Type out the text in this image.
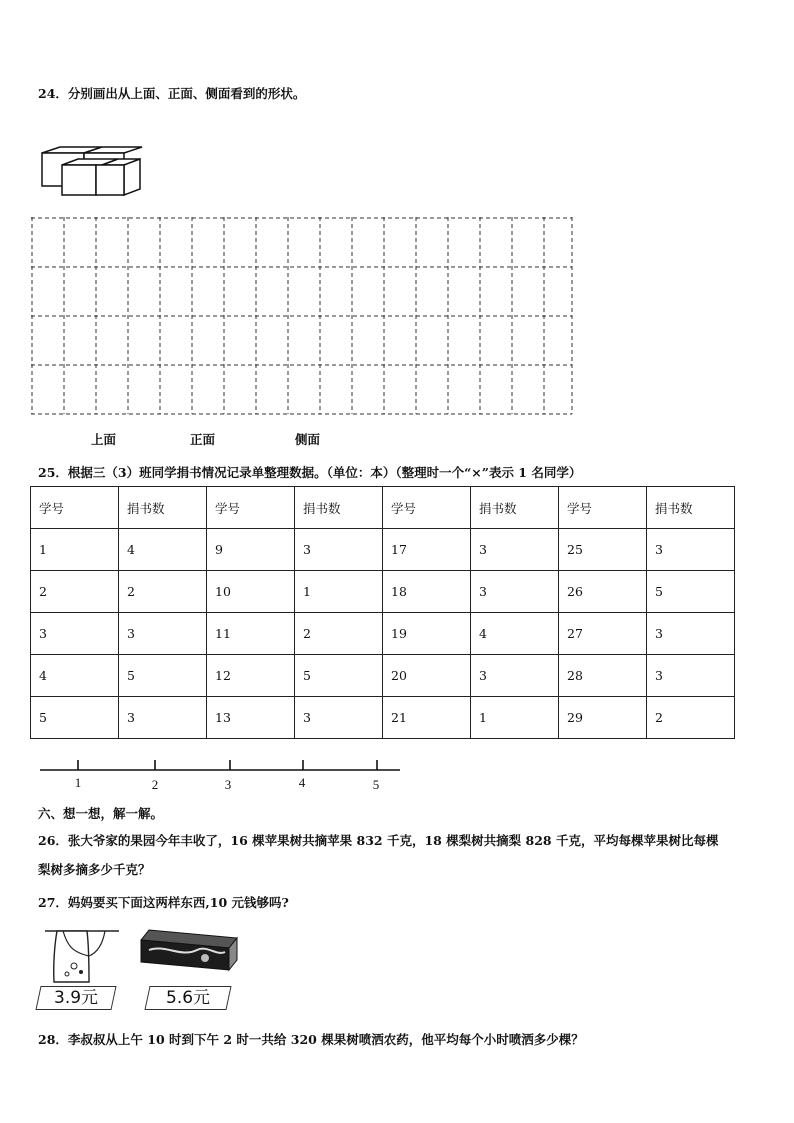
24．分别画出从上面、正面、侧面看到的形状。
上面	正面	侧面
25．根据三（3）班同学捐书情况记录单整理数据。（单位：本）（整理时一个“×”表示 1 名同学）
学号	捐书数	学号	捐书数	学号	捐书数	学号	捐书数
1	4	9	3	17	3	25	3
2	2	10	1	18	3	26	5
3	3	11	2	19	4	27	3
4	5	12	5	20	3	28	3
5	3	13	3	21	1	29	2
1	2	3	4	5
六、想一想，解一解。
26．张大爷家的果园今年丰收了，16 棵苹果树共摘苹果 832 千克，18 棵梨树共摘梨 828 千克，平均每棵苹果树比每棵
梨树多摘多少千克？
27．妈妈要买下面这两样东西,10 元钱够吗?
3.9元	5.6元
28．李叔叔从上午 10 时到下午 2 时一共给 320 棵果树喷洒农药，他平均每个小时喷洒多少棵？
